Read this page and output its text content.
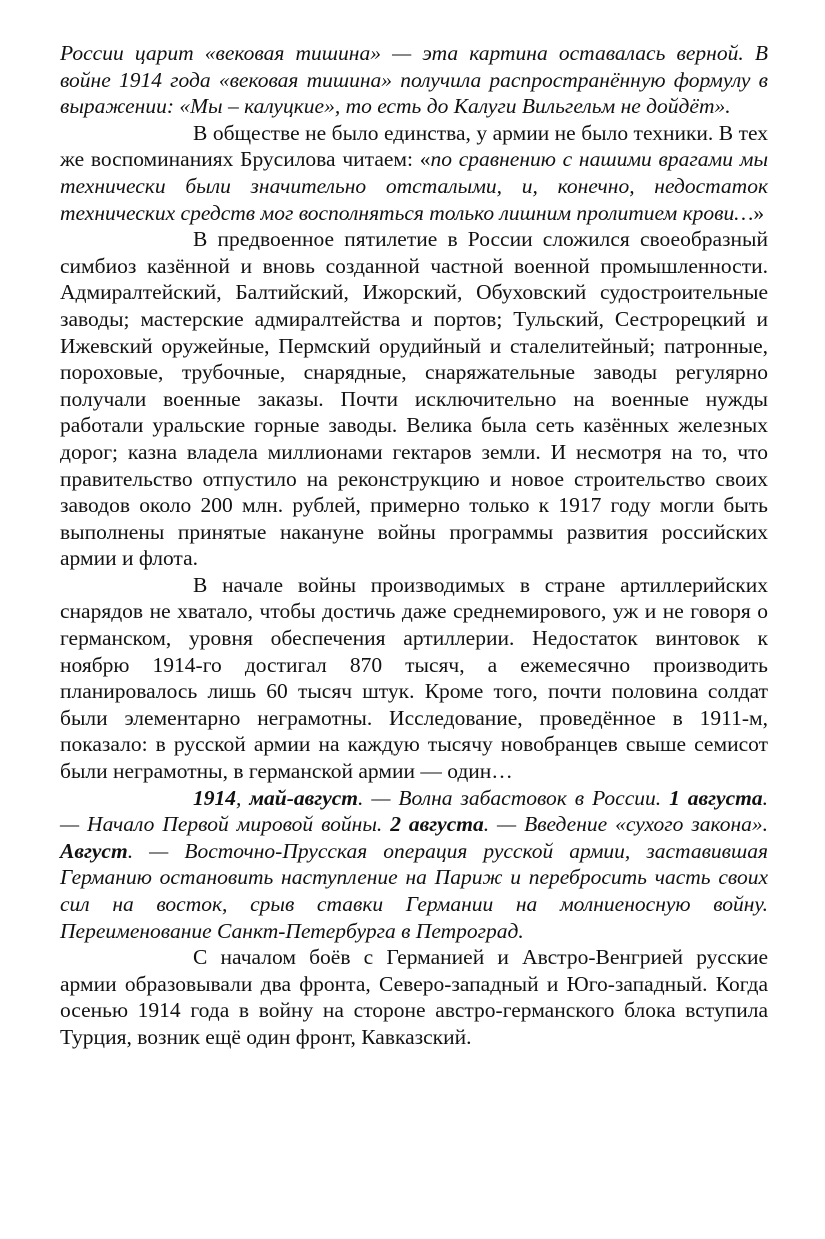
России царит «вековая тишина» — эта картина оставалась верной. В войне 1914 года «вековая тишина» получила распространённую формулу в выражении: «Мы – калуцкие», то есть до Калуги Вильгельм не дойдёт».

В обществе не было единства, у армии не было техники. В тех же воспоминаниях Брусилова читаем: «по сравнению с нашими врагами мы технически были значительно отсталыми, и, конечно, недостаток технических средств мог восполняться только лишним пролитием крови…»

В предвоенное пятилетие в России сложился своеобразный симбиоз казённой и вновь созданной частной военной промышленности. Адмиралтейский, Балтийский, Ижорский, Обуховский судостроительные заводы; мастерские адмиралтейства и портов; Тульский, Сестрорецкий и Ижевский оружейные, Пермский орудийный и сталелитейный; патронные, пороховые, трубочные, снарядные, снаряжательные заводы регулярно получали военные заказы. Почти исключительно на военные нужды работали уральские горные заводы. Велика была сеть казённых железных дорог; казна владела миллионами гектаров земли. И несмотря на то, что правительство отпустило на реконструкцию и новое строительство своих заводов около 200 млн. рублей, примерно только к 1917 году могли быть выполнены принятые накануне войны программы развития российских армии и флота.

В начале войны производимых в стране артиллерийских снарядов не хватало, чтобы достичь даже среднемирового, уж и не говоря о германском, уровня обеспечения артиллерии. Недостаток винтовок к ноябрю 1914-го достигал 870 тысяч, а ежемесячно производить планировалось лишь 60 тысяч штук. Кроме того, почти половина солдат были элементарно неграмотны. Исследование, проведённое в 1911-м, показало: в русской армии на каждую тысячу новобранцев свыше семисот были неграмотны, в германской армии — один…

1914, май-август. — Волна забастовок в России. 1 августа. — Начало Первой мировой войны. 2 августа. — Введение «сухого закона». Август. — Восточно-Прусская операция русской армии, заставившая Германию остановить наступление на Париж и перебросить часть своих сил на восток, срыв ставки Германии на молниеносную войну. Переименование Санкт-Петербурга в Петроград.

С началом боёв с Германией и Австро-Венгрией русские армии образовывали два фронта, Северо-западный и Юго-западный. Когда осенью 1914 года в войну на стороне австро-германского блока вступила Турция, возник ещё один фронт, Кавказский.
